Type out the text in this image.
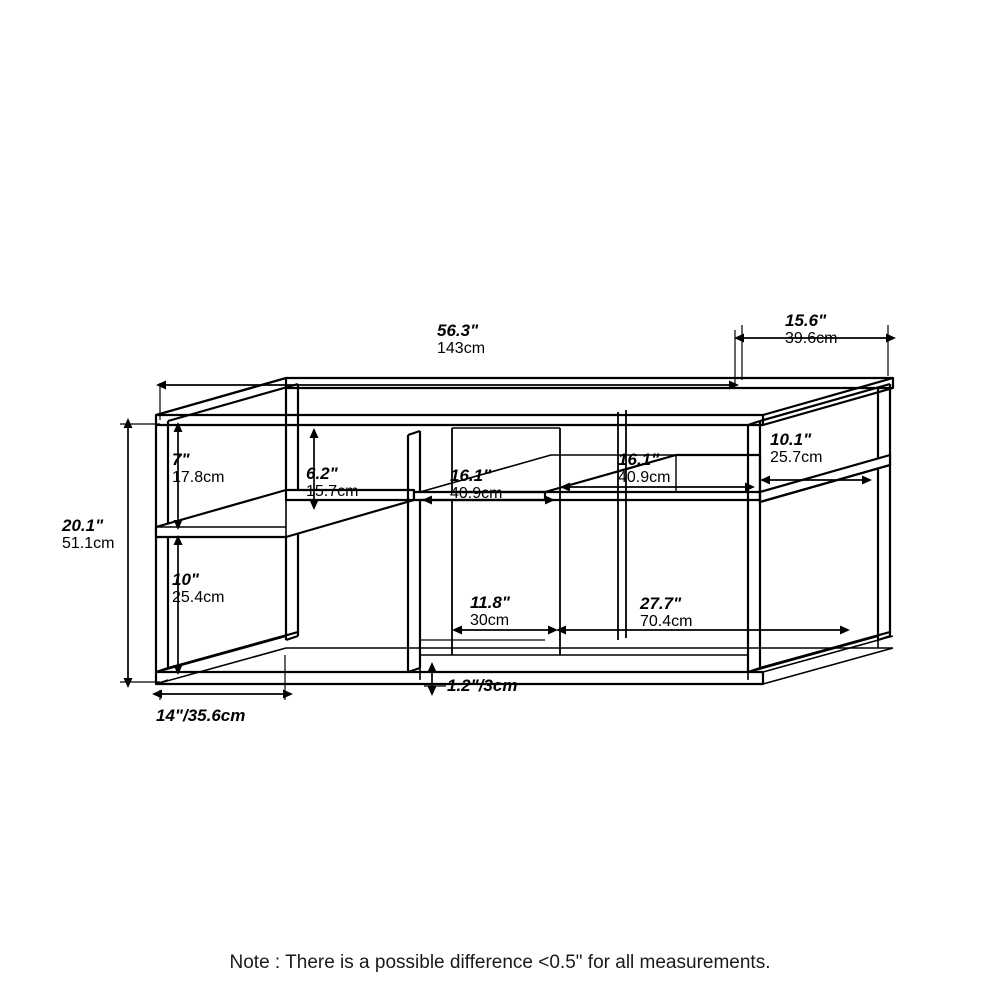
56.3"
143cm
15.6"
39.6cm
20.1"
51.1cm
7"
17.8cm	6.2"
15.7cm
16.1"
40.9cm
16.1"
40.9cm
10.1"
25.7cm
10"
25.4cm	11.8"
30cm
27.7"
70.4cm
14"/35.6cm
1.2"/3cm
Note : There is a possible difference <0.5" for all measurements.
